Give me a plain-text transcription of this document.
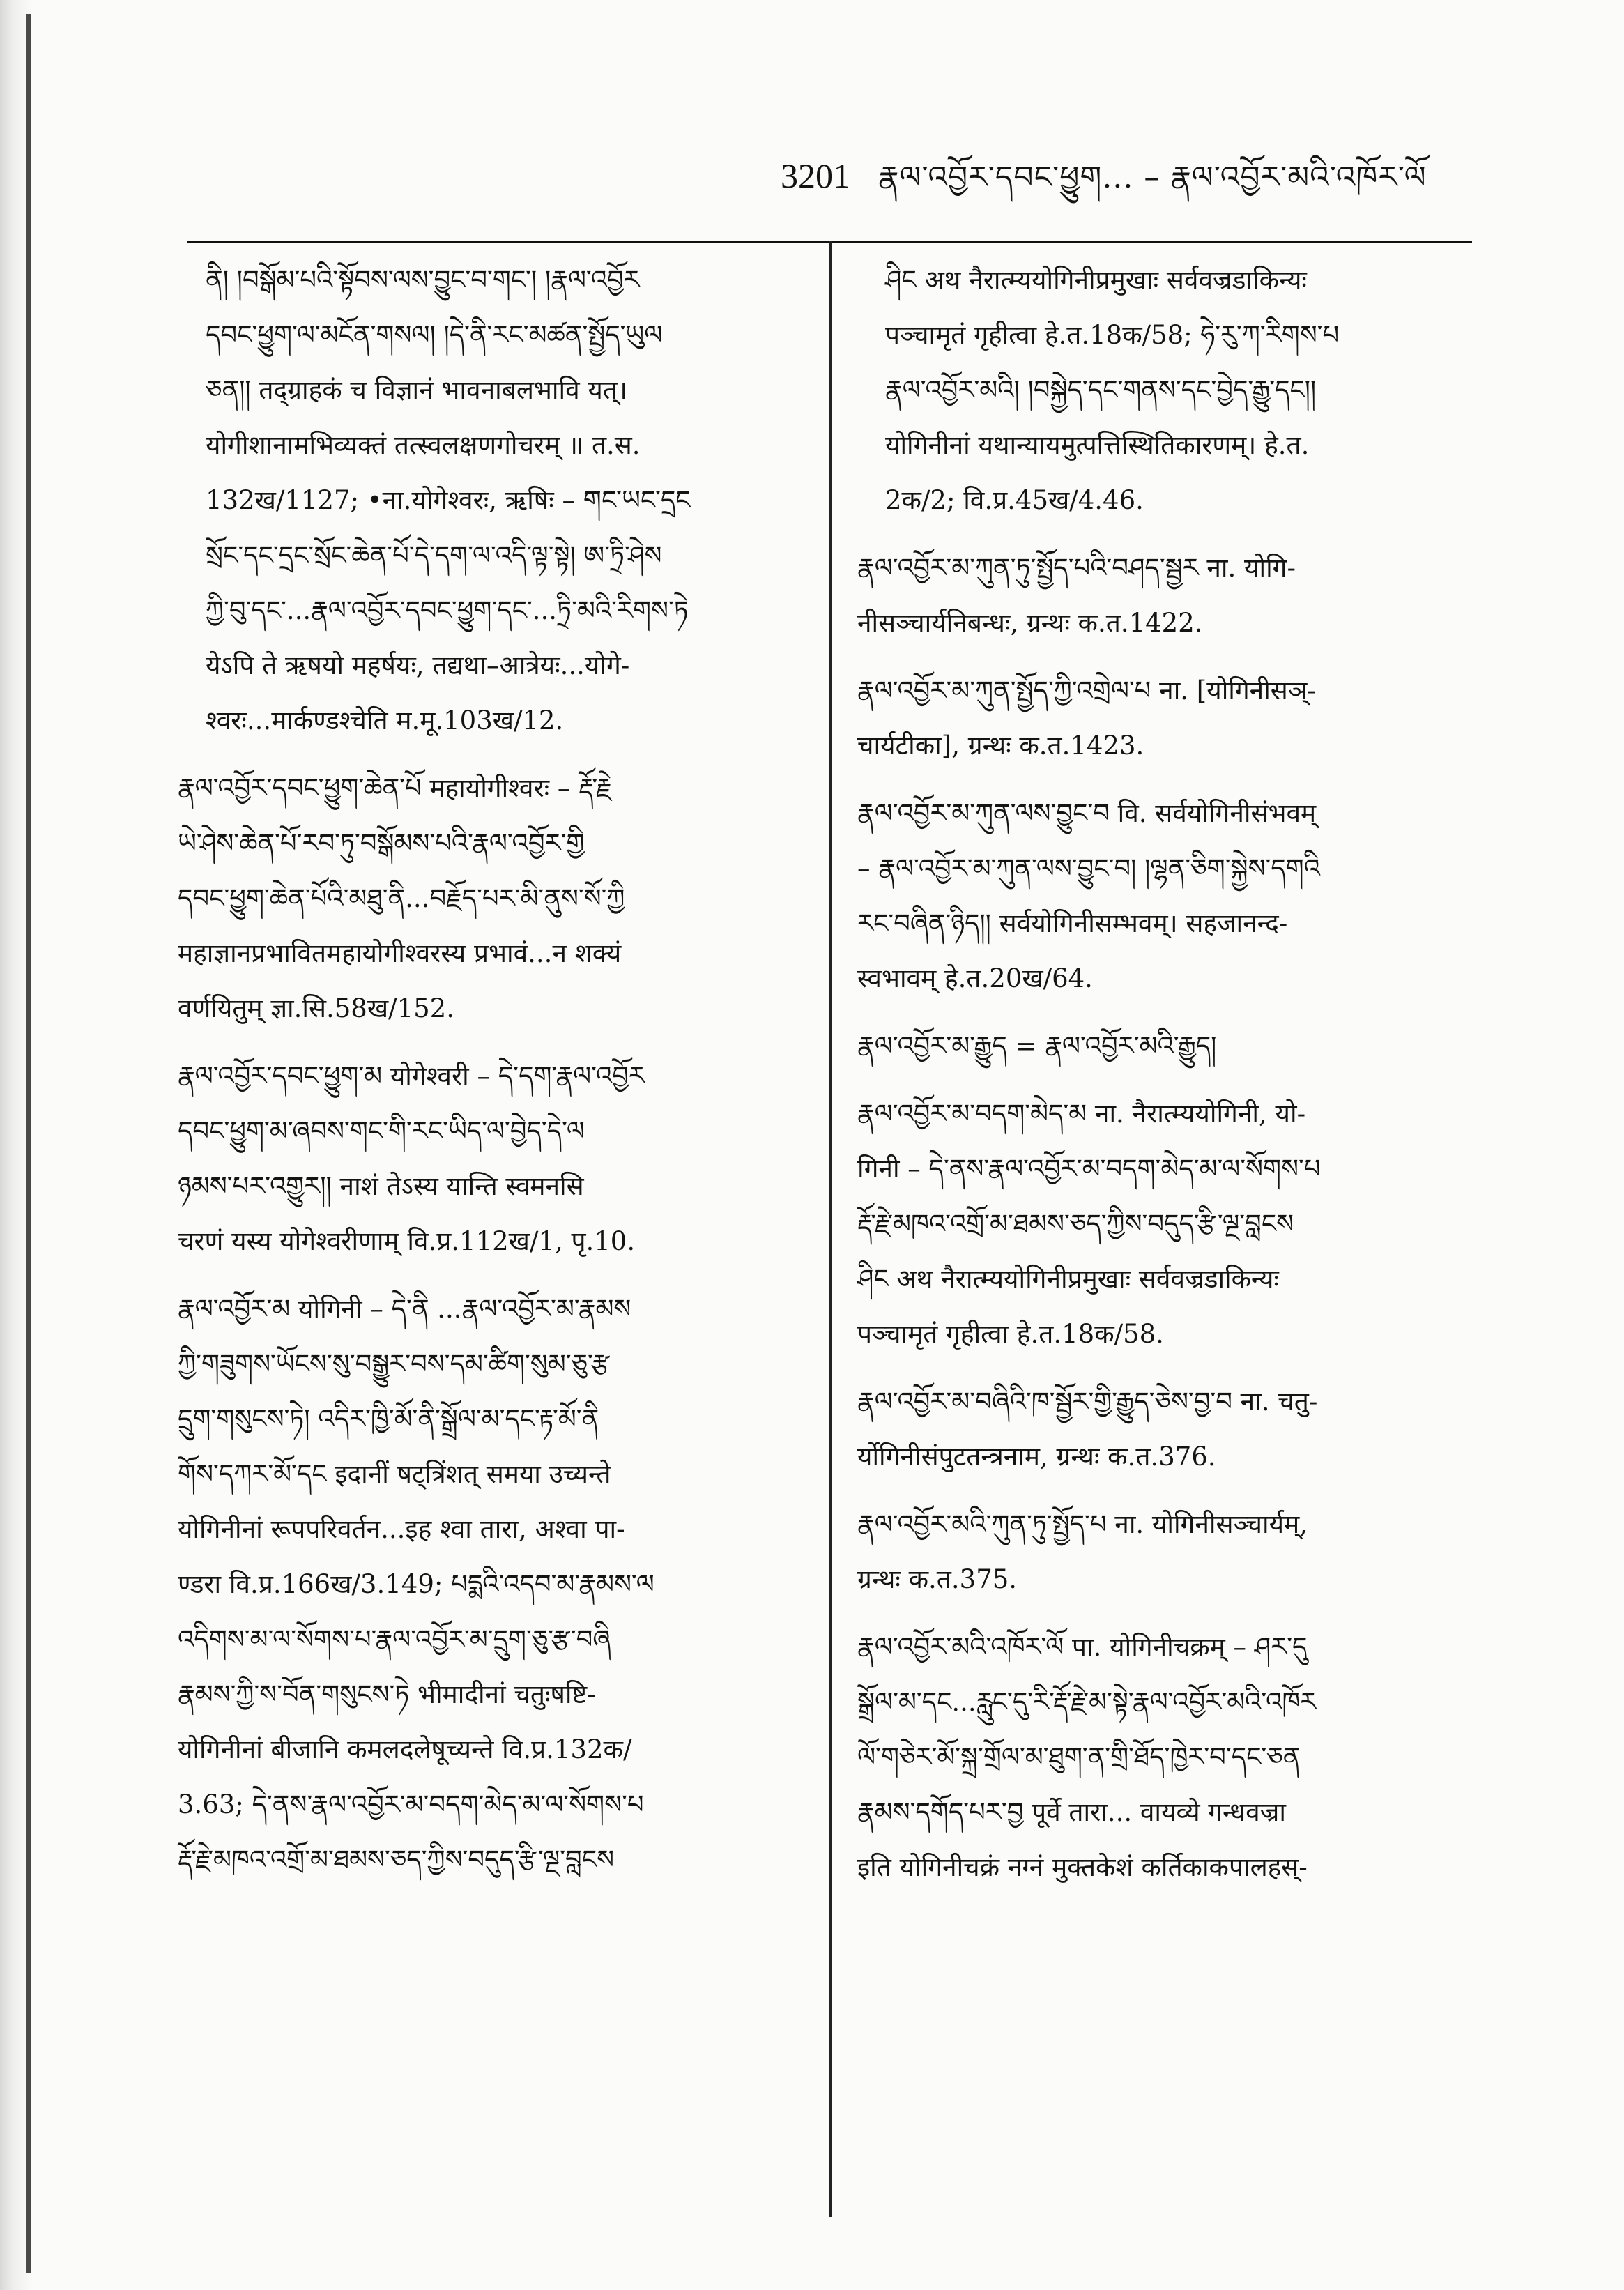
3201 རྣལ་འབྱོར་དབང་ཕྱུག... – རྣལ་འབྱོར་མའི་འཁོར་ལོ
ནི། །བསྒོམ་པའི་སྟོབས་ལས་བྱུང་བ་གང་། །རྣལ་འབྱོར
དབང་ཕྱུག་ལ་མངོན་གསལ། །དེ་ནི་རང་མཚན་སྤྱོད་ཡུལ
ཅན།། तद्ग्राहकं च विज्ञानं भावनाबलभावि यत्।
योगीशानामभिव्यक्तं तत्स्वलक्षणगोचरम् ॥ त.स.
132ख/1127; •ना.योगेश्वरः, ऋषिः – གང་ཡང་དྲང
སྲོང་དང་དྲང་སྲོང་ཆེན་པོ་དེ་དག་ལ་འདི་ལྟ་སྟེ། ཨ་ཏྲི་ཤེས
ཀྱི་བུ་དང་...རྣལ་འབྱོར་དབང་ཕྱུག་དང་...ཏྲི་མའི་རིགས་ཏེ
येऽपि ते ऋषयो महर्षयः, तद्यथा–आत्रेयः...योगे-
श्वरः...मार्कण्डश्चेति म.मू.103ख/12.
རྣལ་འབྱོར་དབང་ཕྱུག་ཆེན་པོ महायोगीश्वरः – རྡོ་རྗེ
ཡེ་ཤེས་ཆེན་པོ་རབ་ཏུ་བསྒོམས་པའི་རྣལ་འབྱོར་གྱི
དབང་ཕྱུག་ཆེན་པོའི་མཐུ་ནི...བརྗོད་པར་མི་ནུས་སོ་ཀྱི
महाज्ञानप्रभावितमहायोगीश्वरस्य प्रभावं...न शक्यं
वर्णयितुम् ज्ञा.सि.58ख/152.
རྣལ་འབྱོར་དབང་ཕྱུག་མ योगेश्वरी – དེ་དག་རྣལ་འབྱོར
དབང་ཕྱུག་མ་ཞབས་གང་གི་རང་ཡིད་ལ་བྱེད་དེ་ལ
ཉམས་པར་འགྱུར།། नाशं तेऽस्य यान्ति स्वमनसि
चरणं यस्य योगेश्वरीणाम् वि.प्र.112ख/1, पृ.10.
རྣལ་འབྱོར་མ योगिनी – དེ་ནི ...རྣལ་འབྱོར་མ་རྣམས
ཀྱི་གཟུགས་ཡོངས་སུ་བསྒྱུར་བས་དམ་ཚིག་སུམ་ཅུ་རྩ
དྲུག་གསུངས་ཏེ། འདིར་ཁྱི་མོ་ནི་སྒྲོལ་མ་དང་རྟ་མོ་ནི
གོས་དཀར་མོ་དང इदानीं षट्त्रिंशत् समया उच्यन्ते
योगिनीनां रूपपरिवर्तन...इह श्वा तारा, अश्वा पा-
ण्डरा वि.प्र.166ख/3.149; པདྨའི་འདབ་མ་རྣམས་ལ
འདིགས་མ་ལ་སོགས་པ་རྣལ་འབྱོར་མ་དྲུག་ཅུ་རྩ་བཞི
རྣམས་ཀྱི་ས་བོན་གསུངས་ཏེ भीमादीनां चतुःषष्टि-
योगिनीनां बीजानि कमलदलेषूच्यन्ते वि.प्र.132क/
3.63; དེ་ནས་རྣལ་འབྱོར་མ་བདག་མེད་མ་ལ་སོགས་པ
རྡོ་རྗེ་མཁའ་འགྲོ་མ་ཐམས་ཅད་ཀྱིས་བདུད་རྩི་ལྔ་བླངས
ཤིང अथ नैरात्म्ययोगिनीप्रमुखाः सर्ववज्रडाकिन्यः
पञ्चामृतं गृहीत्वा हे.त.18क/58; ཧེ་རུ་ཀ་རིགས་པ
རྣལ་འབྱོར་མའི། །བསྐྱེད་དང་གནས་དང་བྱེད་རྒྱུ་དང།།
योगिनीनां यथान्यायमुत्पत्तिस्थितिकारणम्। हे.त.
2क/2; वि.प्र.45ख/4.46.
རྣལ་འབྱོར་མ་ཀུན་ཏུ་སྤྱོད་པའི་བཤད་སྦྱར ना. योगि-
नीसञ्चार्यनिबन्धः, ग्रन्थः क.त.1422.
རྣལ་འབྱོར་མ་ཀུན་སྤྱོད་ཀྱི་འགྲེལ་པ ना. [योगिनीसञ्-
चार्यटीका], ग्रन्थः क.त.1423.
རྣལ་འབྱོར་མ་ཀུན་ལས་བྱུང་བ वि. सर्वयोगिनीसंभवम्
– རྣལ་འབྱོར་མ་ཀུན་ལས་བྱུང་བ། །ལྷན་ཅིག་སྐྱེས་དགའི
རང་བཞིན་ཉིད།། सर्वयोगिनीसम्भवम्। सहजानन्द-
स्वभावम् हे.त.20ख/64.
རྣལ་འབྱོར་མ་རྒྱུད = རྣལ་འབྱོར་མའི་རྒྱུད།
རྣལ་འབྱོར་མ་བདག་མེད་མ ना. नैरात्म्ययोगिनी, यो-
गिनी – དེ་ནས་རྣལ་འབྱོར་མ་བདག་མེད་མ་ལ་སོགས་པ
རྡོ་རྗེ་མཁའ་འགྲོ་མ་ཐམས་ཅད་ཀྱིས་བདུད་རྩི་ལྔ་བླངས
ཤིང अथ नैरात्म्ययोगिनीप्रमुखाः सर्ववज्रडाकिन्यः
पञ्चामृतं गृहीत्वा हे.त.18क/58.
རྣལ་འབྱོར་མ་བཞིའི་ཁ་སྦྱོར་གྱི་རྒྱུད་ཅེས་བྱ་བ ना. चतु-
र्योगिनीसंपुटतन्त्रनाम, ग्रन्थः क.त.376.
རྣལ་འབྱོར་མའི་ཀུན་ཏུ་སྤྱོད་པ ना. योगिनीसञ्चार्यम्,
ग्रन्थः क.त.375.
རྣལ་འབྱོར་མའི་འཁོར་ལོ पा. योगिनीचक्रम् – ཤར་དུ
སྒྲོལ་མ་དང...རླུང་དུ་རི་རྡོ་རྗེ་མ་སྟེ་རྣལ་འབྱོར་མའི་འཁོར
ལོ་གཅེར་མོ་སྐྲ་གྲོལ་མ་ཐུག་ན་གྲི་ཐོད་ཁྱེར་བ་དང་ཅན
རྣམས་དགོད་པར་བྱ पूर्वे तारा... वायव्ये गन्धवज्रा
इति योगिनीचक्रं नग्नं मुक्तकेशं कर्तिकाकपालहस्-
